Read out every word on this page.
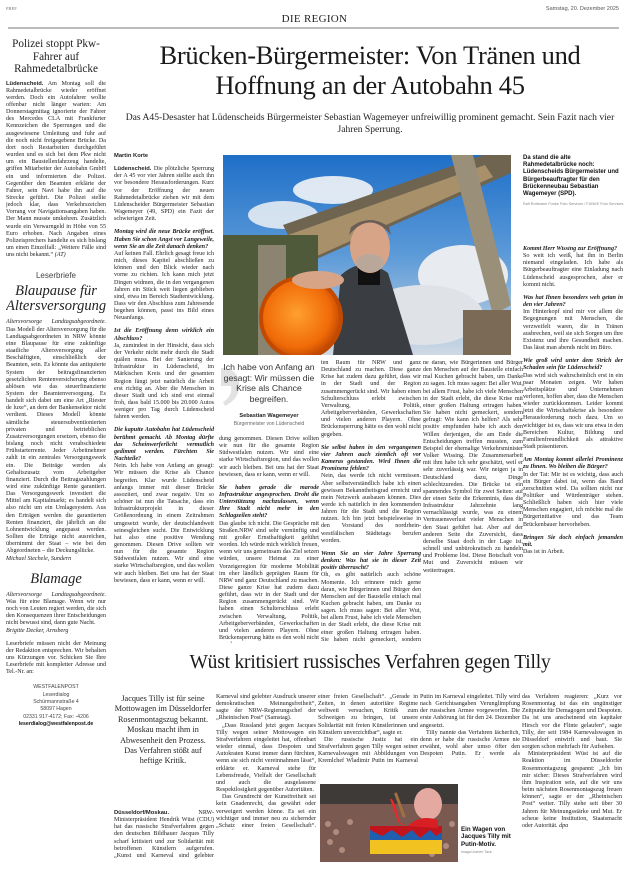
PREF	Samstag, 20. Dezember 2025
DIE REGION
Polizei stoppt Pkw-Fahrer auf Rahmedetalbrücke
Lüdenscheid. Am Montag soll die Rahmedetalbrücke wieder eröffnet werden. Doch ein Autofahrer wollte offenbar nicht länger warten: Am Donnerstagmittag ignorierte der Fahrer des Mercedes CLA mit Frankfurter Kennzeichen die Sperrungen und die ausgewiesene Umleitung und fuhr auf die noch nicht freigegebene Brücke. Da dort noch Restarbeiten durchgeführt wurden und es sich bei dem Pkw nicht um ein Baustellenfahrzeug handelte, griffen Mitarbeiter der Autobahn GmbH ein und informierten die Polizei. Gegenüber den Beamten erklärte der Fahrer, sein Navi habe ihn auf die Strecke geführt. Die Polizei stellte jedoch klar, dass Verkehrszeichen Vorrang vor Navigationsangaben haben. Der Mann musste umkehren. Zusätzlich wurde ein Verwarngeld in Höhe von 55 Euro erhoben. Nach Angaben eines Polizeisprechers handelte es sich bislang um einen Einzelfall: „Weitere Fälle sind uns nicht bekannt.“ (AT)
Leserbriefe
Blaupause für Altersversorgung
Altersvorsorge Landtagsabgeordnete. Das Modell der Altersversorgung für die Landtagsabgeordneten in NRW könnte eine Blaupause für eine zukünftige staatliche Altersversorgung aller Beschäftigten, einschließlich der Beamten, sein. Es könnte das antiquierte System der beitragsfinanzierten gesetzlichen Rentenversicherung ebenso ablösen wie das steuerfinanzierte System der Beamtenversorgung. Es handelt sich dabei um eine Art „Riester de luxe“, an dem der Bankensektor nicht verdient. Dieses Modell könnte sämtliche steuersubventionierten privaten und betrieblichen Zusatzversorgungen ersetzen, ebenso die bislang noch nicht verabschiedete Frühstarterrente. Jeder Arbeitnehmer zahlt in ein zentrales Versorgungswerk ein. Die Beiträge werden als Gehaltszusatz vom Arbeitgeber finanziert. Durch die Beitragszahlungen wird eine zukünftige Rente garantiert. Das Versorgungswerk investiert die Mittel am Kapitalmarkt; es handelt sich also nicht um ein Umlagesystem. Aus den Erträgen werden die garantierten Renten finanziert, die jährlich an die Lohnentwicklung angepasst werden. Sollten die Erträge nicht ausreichen, übernimmt der Staat – wie bei den Abgeordneten – die Deckungslücke.
Michael Stechele, Sundern
Blamage
Altersvorsorge Landtagsabgeordnete. Was für eine Blamage. Wenn wir nur noch von Leuten regiert werden, die sich den Konsequenzen ihrer Entscheidungen nicht bewusst sind, dann gute Nacht.
Brigitte Decker, Arnsberg
Leserbriefe müssen nicht der Meinung der Redaktion entsprechen. Wir behalten uns Kürzungen vor. Schicken Sie Ihre Leserbriefe mit kompletter Adresse und Tel.-Nr. an:
WESTFALENPOST
Leserdialog
Schürmannstraße 4
58097 Hagen
02331 917-4172; Fax: -4206
leserdialog@westfalenpost.de
Brücken-Bürgermeister: Von Tränen und Hoffnung an der Autobahn 45
Das A45-Desaster hat Lüdenscheids Bürgermeister Sebastian Wagemeyer unfreiwillig prominent gemacht. Sein Fazit nach vier Jahren Sperrung.
Martin Korte

Lüdenscheid. Die plötzliche Sperrung der A 45 vor vier Jahren stellte auch ihn vor besondere Herausforderungen. Kurz vor der Eröffnung der neuen Rahmedetalbrücke ziehen wir mit dem Lüdenscheider Bürgermeister Sebastian Wagemeyer (49, SPD) ein Fazit der schwierigen Zeit.

Montag wird die neue Brücke eröffnet. Haben Sie schon Angst vor Langeweile, wenn Sie an die Zeit danach denken?

Auf keinen Fall. Ehrlich gesagt freue ich mich, dieses Kapitel abschließen zu können und den Blick wieder nach vorne zu richten. Ich kann mich jetzt Dingen widmen, die in den vergangenen Jahren ein Stück weit liegen geblieben sind, etwa im Bereich Stadtentwicklung. Dass wir den Abschluss zum Jahresende begehen können, passt ins Bild eines Neuanfangs.

Ist die Eröffnung denn wirklich ein Abschluss?

Ja, zumindest in der Hinsicht, dass sich der Verkehr nicht mehr durch die Stadt quälen muss. Bei der Sanierung der Infrastruktur in Lüdenscheid, im Märkischen Kreis und der gesamten Region fängt jetzt natürlich die Arbeit erst richtig an. Aber die Menschen in dieser Stadt und ich sind erst einmal froh, dass bald 15.000 bis 20.000 Autos weniger pro Tag durch Lüdenscheid fahren werden.

Die kaputte Autobahn hat Lüdenscheid berühmt gemacht. Ab Montag dürfte das Scheinwerferlicht vermutlich gedimmt werden. Fürchten Sie Nachteile?

Nein. Ich habe von Anfang an gesagt: Wir müssen die Krise als Chance begreifen. Klar wurde Lüdenscheid anfangs immer mit dieser Brücke assoziiert, und zwar negativ. Um so schöner ist nun die Tatsache, dass ein Infrastrukturprojekt in dieser Größenordnung in einem Zeitrahmen umgesetzt wurde, der deutschlandweit seinesgleichen sucht. Die Entwicklung hat also eine positive Wendung genommen. Diesen Drive sollten wir nun für die gesamte Region Südwestfalen nutzen. Wir sind eine starke Wirtschaftsregion, und das wollen wir auch bleiben. Bei uns hat der Staat bewiesen, dass er kann, wenn er will.

Da stand die alte Rahmedetalbrücke noch: Lüdenscheids Bürgermeister und Bürgerbeauftragter für den Brückenneubau Sebastian Wagemeyer (SPD).
Ralf Rottmann Funke Foto Services / FUNKE Foto Services
Ich habe von Anfang an gesagt: Wir müssen die Krise als Chance begreifen.
Sebastian Wagemeyer
Bürgermeister von Lüdenscheid

dung genommen. Diesen Drive sollten wir nun für die gesamte Region Südwestfalen nutzen. Wir sind eine starke Wirtschaftsregion, und das wollen wir auch bleiben. Bei uns hat der Staat bewiesen, dass er kann, wenn er will.

Sie haben gerade die marode Infrastruktur angesprochen. Droht die Unterstützung nachzulassen, wenn Ihre Stadt nicht mehr in den Schlagzeilen steht?

Das glaube ich nicht. Die Gespräche mit Straßen.NRW sind sehr vernünftig und mit großer Ernsthaftigkeit geführt worden. Ich würde mich wirklich freuen, wenn wir uns gemeinsam das Ziel setzen würden, unsere Heimat zu einer Vorzeigeregion für moderne Mobilität im eher ländlich geprägten Raum für NRW und ganz Deutschland zu machen. Diese ganze Krise hat zudem dazu geführt, dass wir in der Stadt und der Region zusammengerückt sind. Wir haben einen Schulterschluss erlebt zwischen Verwaltung, Politik, Arbeitgeberverbänden, Gewerkschaften und vielen anderen Playern. Ohne Brückensperrung hätte es den wohl nicht

ten Raum für NRW und ganz Deutschland zu machen. Diese ganze Krise hat zudem dazu geführt, dass wir in der Stadt und der Region zusammengerückt sind. Wir haben einen Schulterschluss erlebt zwischen Verwaltung, Politik, Arbeitgeberverbänden, Gewerkschaften und vielen anderen Playern. Ohne Brückensperrung hätte es den wohl nicht gegeben.

Sie selbst haben in den vergangenen vier Jahren auch ziemlich oft vor Kameras gestanden. Wird Ihnen die Prominenz fehlen?

Nein, das werde ich nicht vermissen. Aber selbstverständlich habe ich einen gewissen Bekanntheitsgrad erreicht und mein Netzwerk ausbauen können. Dies werde ich natürlich in den kommenden Jahren für die Stadt und die Region nutzen. Ich bin jetzt beispielsweise in den Vorstand des nordrhein-westfälischen Städtetags berufen worden.

Wenn Sie an vier Jahre Sperrung denken: Was hat sie in dieser Zeit positiv überrascht?

Oh, es gibt natürlich auch schöne Momente. Ich erinnere mich gerne daran, wie Bürgerinnen und Bürger den Menschen auf der Baustelle einfach mal Kuchen gebracht haben, um Danke zu sagen. Ich muss sagen: Bei aller Wut, bei allem Frust, habe ich viele Menschen in der Stadt erlebt, die diese Krise mit einer großen Haltung ertragen haben. Sie haben nicht gemeckert, sondern

ne daran, wie Bürgerinnen und Bürger den Menschen auf der Baustelle einfach mal Kuchen gebracht haben, um Danke zu sagen. Ich muss sagen: Bei aller Wut, bei allem Frust, habe ich viele Menschen in der Stadt erlebt, die diese Krise mit einer großen Haltung ertragen haben. Sie haben nicht gemeckert, sondern gefragt: Wie kann ich helfen? Als sehr positiv empfunden habe ich auch den Willen derjenigen, die am Ende die Entscheidungen treffen mussten, zum Beispiel der ehemalige Verkehrsminister Volker Wissing. Die Zusammenarbeit mit ihm habe ich sehr geschätzt, weil er sehr zuverlässig war. Wir neigen ja in Deutschland dazu, Dinge schlechtzureden. Die Brücke ist ein spannendes Symbol für zwei Seiten: auf der einen Seite die Erkenntnis, dass die Infrastruktur Jahrzehnte lang vernachlässigt wurde, was zu einem Vertrauensverlust vieler Menschen in den Staat geführt hat. Aber auf der anderen Seite die Zuversicht, dass derselbe Staat doch in der Lage ist, schnell und unbürokratisch zu handeln und Probleme löst. Diese Botschaft von Mut und Zuversicht müssen wir weitertragen.

Kommt Herr Wissing zur Eröffnung?

So weit ich weiß, hat ihn in Berlin niemand eingeladen. Ich habe als Bürgerbeauftragter eine Einladung nach Lüdenscheid ausgesprochen, aber er kommt nicht.

Was hat Ihnen besonders weh getan in den vier Jahren?

Im Hinterkopf sind mir vor allem die Begegnungen mit Menschen, die verzweifelt waren, die in Tränen ausbrechen, weil sie sich Sorgen um ihre Existenz und ihre Gesundheit machen. Das lässt man abends nicht im Büro.

Wie groß wird unter dem Strich der Schaden sein für Lüdenscheid?

Das wird sich wahrscheinlich erst in ein paar Monaten zeigen. Wir haben Arbeitsplätze und Unternehmen verloren, hoffen aber, dass die Menschen wieder zurückkommen. Leider kommt jetzt die Wirtschaftskrise als besondere Herausforderung noch dazu. Um so wichtiger ist es, dass wir uns etwa in den Bereichen Kultur, Bildung und Familienfreundlichkeit als attraktive Stadt präsentieren.

Am Montag kommt allerlei Prominenz zu Ihnen. Wo bleiben die Bürger?

In der Tat: Mir ist es wichtig, dass auch ein Bürger dabei ist, wenn das Band zerschnitten wird. Da sollten nicht nur Politiker und Würdenträger stehen. Schließlich haben sich hier viele Menschen engagiert, ich möchte mal die Bürgerinitiative und das Team Brückenbauer hervorheben.

Bringen Sie doch einfach jemanden mit.

Das ist in Arbeit.

Wüst kritisiert russisches Verfahren gegen Tilly
Jacques Tilly ist für seine Mottowagen im Düsseldorfer Rosenmontagszug bekannt. Moskau macht ihm in Abwesenheit den Prozess. Das Verfahren stößt auf heftige Kritik.

Düsseldorf/Moskau.	NRW-Ministerpräsident Hendrik Wüst (CDU) hat das russische Strafverfahren gegen den deutschen Bildhauer Jacques Tilly scharf kritisiert und zur Solidarität mit betroffenen Künstlern aufgerufen. „Kunst und Karneval sind gelebter

Karneval sind gelebter Ausdruck unserer demokratischen Meinungsfreiheit“, sagte der NRW-Regierungschef der „Rheinischen Post“ (Samstag).

„Dass Russland jetzt gegen Jacques Tilly wegen seiner Mottowagen ein Strafverfahren eingeleitet hat, offenbart wieder einmal, dass Despoten und Autokraten Kunst immer dann fürchten, wenn sie sich nicht vereinnahmen lässt“, erklärte er. Karneval stehe für Lebensfreude, Vielfalt der Gesellschaft und auch die ausgelassene Respektlosigkeit gegenüber Autoritäten.

Das Grundrecht der Kunstfreiheit sei kein Gnadenrecht, das gewährt oder verweigert werden könne. Es sei ein wichtiger und immer neu zu sichernder „Schatz einer freien Gesellschaft“.

einer freien Gesellschaft“. „Gerade in Zeiten, in denen autoritäre Regime weltweit versuchen, Kritik zum Schweigen zu bringen, ist unsere Solidarität mit freien Künstlerinnen und Künstlern unverzichtbar“, sagte er.

Die russische Justiz hat ein Strafverfahren gegen Tilly wegen seiner Karnevalswagen mit Abbildungen von Kremlchef Wladimir Putin im Karneval

Putin im Karneval eingeleitet. Tilly wird nach Gerichtsangaben Verunglimpfung der russischen Armee vorgeworfen. Die erste Anhörung ist für den 24. Dezember angesetzt.

Tilly nannte das Verfahren lächerlich, denn er habe die russische Armee nie erwähnt, wohl aber umso öfter den Despoten Putin. Er werde als

das Verfahren reagieren: „Kurz vor Rosenmontag ist das ein ungünstiger Zeitpunkt für Demagogen und Despoten. Da ist uns anscheinend ein kapitaler Hirsch vor die Flinte gelaufen“, sagte Tilly, der seit 1984 Karnevalswagen in Düsseldorf entwirft und baut. Sie sorgten schon mehrfach für Aufsehen.

Ministerpräsident Wüst ist auf die Reaktion im Düsseldorfer Rosenmontagszug gespannt: „Ich bin mir sicher: Dieses Strafverfahren wird ihm Inspiration sein, auf die wir uns beim nächsten Rosenmontagszug freuen können“, sagte er der „Rheinischen Post“ weiter. Tilly stehe seit über 30 Jahren für Meinungsstärke und Mut. Er scheue keine Institution, Staatsmacht oder Autorität. dpa

Ein Wagen von Jacques Tilly mit Putin-Motiv.
imago/Jochen Tack
